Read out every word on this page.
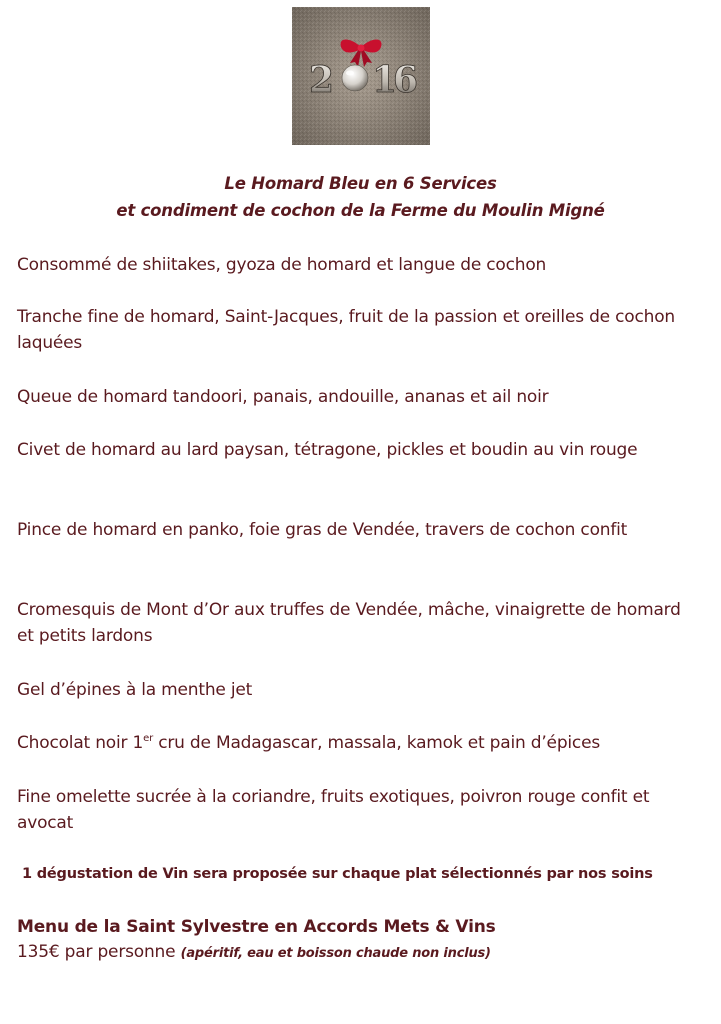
2 1
6
Le Homard Bleu en 6 Services
et condiment de cochon de la Ferme du Moulin Migné
Consommé de shiitakes, gyoza de homard et langue de cochon
Tranche fine de homard, Saint-Jacques, fruit de la passion et oreilles de cochon laquées
Queue de homard tandoori, panais, andouille, ananas et ail noir
Civet de homard au lard paysan, tétragone, pickles et boudin au vin rouge
Pince de homard en panko, foie gras de Vendée, travers de cochon confit
Cromesquis de Mont d’Or aux truffes de Vendée, mâche, vinaigrette de homard et petits lardons
Gel d’épines à la menthe jet
Chocolat noir 1er cru de Madagascar, massala, kamok et pain d’épices
Fine omelette sucrée à la coriandre, fruits exotiques, poivron rouge confit et avocat
1 dégustation de Vin sera proposée sur chaque plat sélectionnés par nos soins
Menu de la Saint Sylvestre en Accords Mets & Vins
135€ par personne (apéritif, eau et boisson chaude non inclus)
